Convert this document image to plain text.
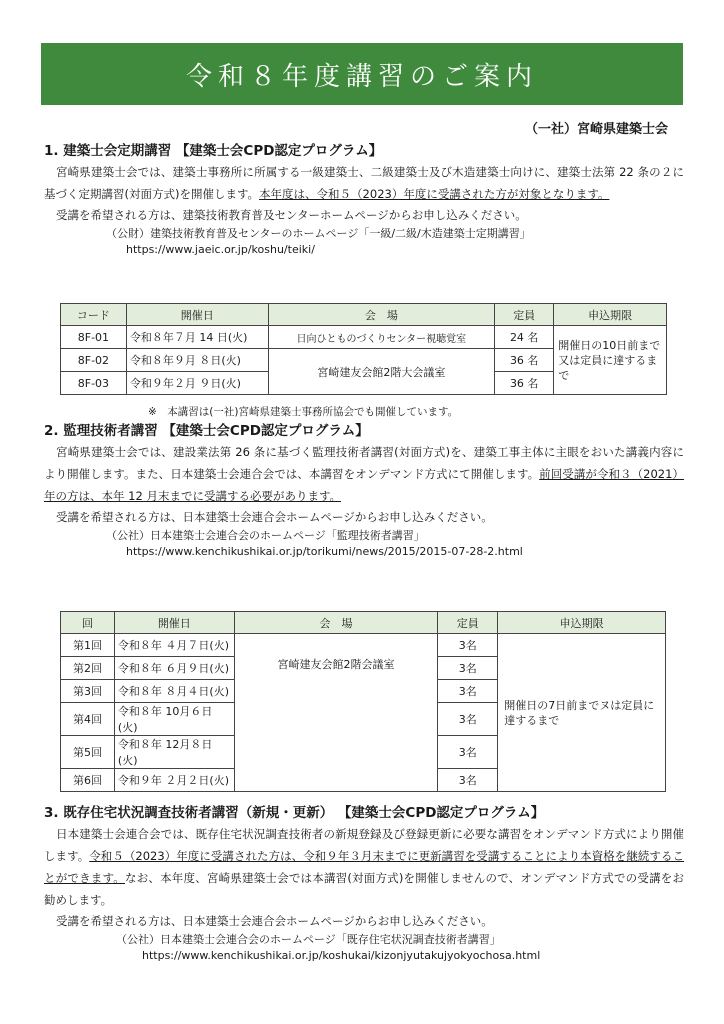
令和８年度講習のご案内
（一社）宮崎県建築士会
1. 建築士会定期講習 【建築士会CPD認定プログラム】

宮崎県建築士会では、建築士事務所に所属する一級建築士、二級建築士及び木造建築士向けに、建築士法第 22 条の２に基づく定期講習(対面方式)を開催します。本年度は、令和５（2023）年度に受講された方が対象となります。

受講を希望される方は、建築技術教育普及センターホームページからお申し込みください。
（公財）建築技術教育普及センターのホームページ「一級/二級/木造建築士定期講習」
https://www.jaeic.or.jp/koshu/teiki/
コード	開催日	会　場	定員	申込期限
8F-01	令和８年７月 14 日(火)	日向ひとものづくりセンター視聴覚室	24 名	開催日の10日前まで又は定員に達するまで
8F-02	令和８年９月 ８日(火)	宮崎建友会館2階大会議室	36 名	
8F-03	令和９年２月 ９日(火)		36 名	
※　本講習は(一社)宮崎県建築士事務所協会でも開催しています。
2. 監理技術者講習 【建築士会CPD認定プログラム】

宮崎県建築士会では、建設業法第 26 条に基づく監理技術者講習(対面方式)を、建築工事主体に主眼をおいた講義内容により開催します。また、日本建築士会連合会では、本講習をオンデマンド方式にて開催します。前回受講が令和３（2021）年の方は、本年 12 月末までに受講する必要があります。

受講を希望される方は、日本建築士会連合会ホームページからお申し込みください。
（公社）日本建築士会連合会のホームページ「監理技術者講習」
https://www.kenchikushikai.or.jp/torikumi/news/2015/2015-07-28-2.html
回	開催日	会　場	定員	申込期限
第1回	令和８年 ４月７日(火)	宮崎建友会館2階会議室	3名	開催日の7日前までヌは定員に達するまで
第2回	令和８年 ６月９日(火)		3名	
第3回	令和８年 ８月４日(火)		3名	
第4回	令和８年 10月６日(火)		3名	
第5回	令和８年 12月８日(火)		3名	
第6回	令和９年 ２月２日(火)		3名	
3. 既存住宅状況調査技術者講習（新規・更新） 【建築士会CPD認定プログラム】

日本建築士会連合会では、既存住宅状況調査技術者の新規登録及び登録更新に必要な講習をオンデマンド方式により開催します。令和５（2023）年度に受講された方は、令和９年３月末までに更新講習を受講することにより本資格を継続することができます。なお、本年度、宮崎県建築士会では本講習(対面方式)を開催しませんので、オンデマンド方式での受講をお勧めします。

受講を希望される方は、日本建築士会連合会ホームページからお申し込みください。
（公社）日本建築士会連合会のホームページ「既存住宅状況調査技術者講習」
https://www.kenchikushikai.or.jp/koshukai/kizonjyutakujyokyochosa.html
